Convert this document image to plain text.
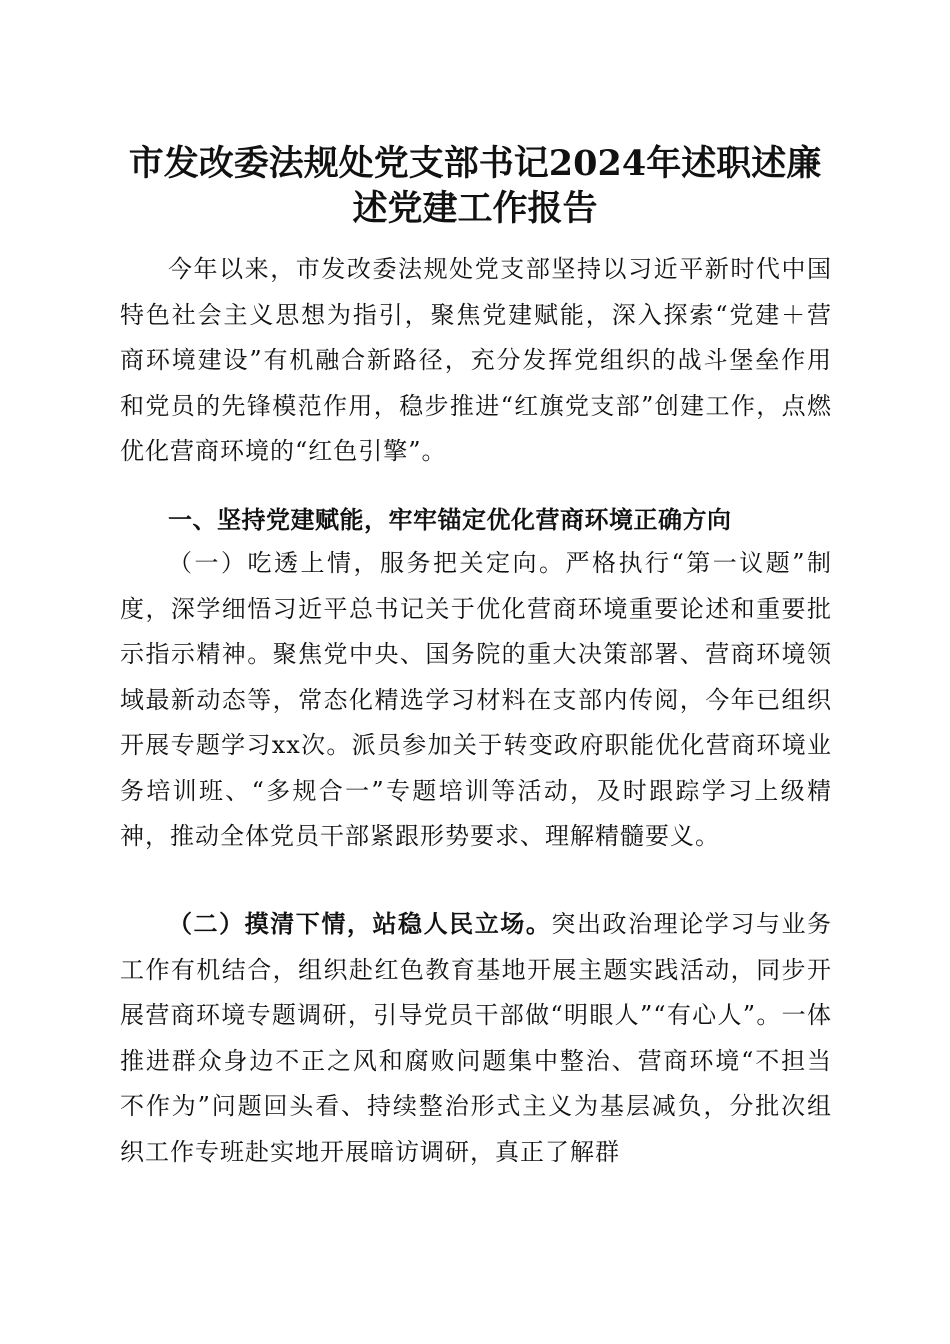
市发改委法规处党支部书记2024年述职述廉
述党建工作报告
今年以来，市发改委法规处党支部坚持以习近平新时代中国特色社会主义思想为指引，聚焦党建赋能，深入探索“党建＋营商环境建设”有机融合新路径，充分发挥党组织的战斗堡垒作用和党员的先锋模范作用，稳步推进“红旗党支部”创建工作，点燃优化营商环境的“红色引擎”。
一、坚持党建赋能，牢牢锚定优化营商环境正确方向
（一）吃透上情，服务把关定向。严格执行“第一议题”制度，深学细悟习近平总书记关于优化营商环境重要论述和重要批示指示精神。聚焦党中央、国务院的重大决策部署、营商环境领域最新动态等，常态化精选学习材料在支部内传阅，今年已组织开展专题学习xx次。派员参加关于转变政府职能优化营商环境业务培训班、“多规合一”专题培训等活动，及时跟踪学习上级精神，推动全体党员干部紧跟形势要求、理解精髓要义。
（二）摸清下情，站稳人民立场。突出政治理论学习与业务工作有机结合，组织赴红色教育基地开展主题实践活动，同步开展营商环境专题调研，引导党员干部做“明眼人”“有心人”。一体推进群众身边不正之风和腐败问题集中整治、营商环境“不担当不作为”问题回头看、持续整治形式主义为基层减负，分批次组织工作专班赴实地开展暗访调研，真正了解群
